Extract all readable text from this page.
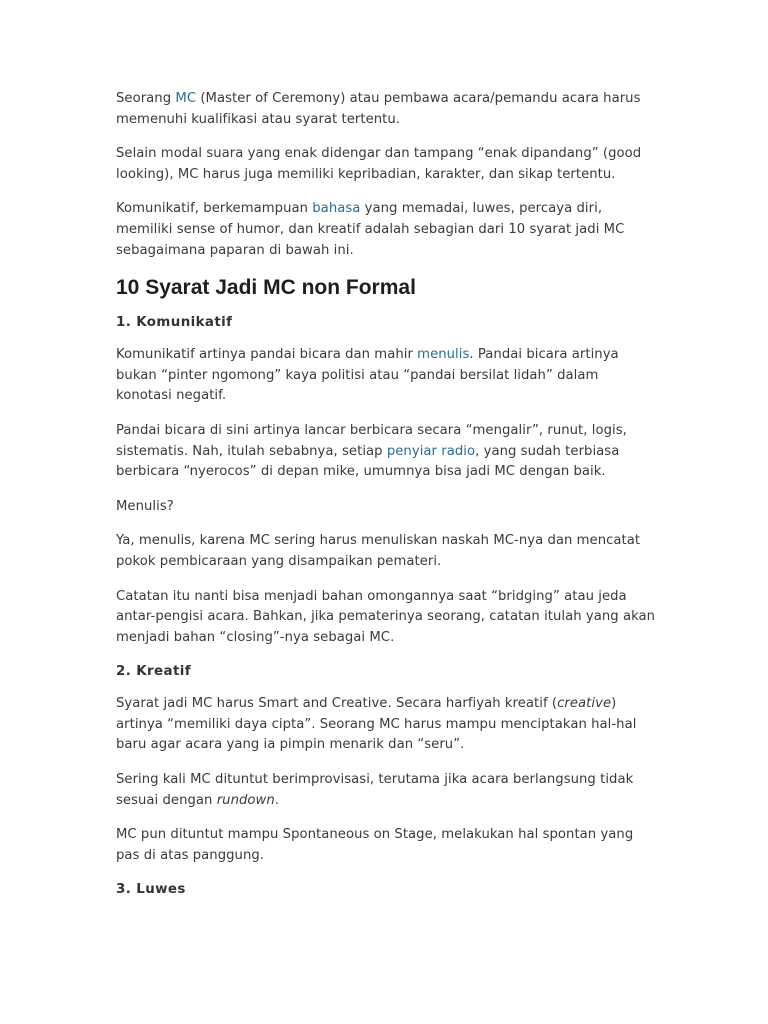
Seorang MC (Master of Ceremony) atau pembawa acara/pemandu acara harus memenuhi kualifikasi atau syarat tertentu.

Selain modal suara yang enak didengar dan tampang “enak dipandang” (good looking), MC harus juga memiliki kepribadian, karakter, dan sikap tertentu.

Komunikatif, berkemampuan bahasa yang memadai, luwes, percaya diri, memiliki sense of humor, dan kreatif adalah sebagian dari 10 syarat jadi MC sebagaimana paparan di bawah ini.

10 Syarat Jadi MC non Formal
1. Komunikatif

Komunikatif artinya pandai bicara dan mahir menulis. Pandai bicara artinya bukan “pinter ngomong” kaya politisi atau “pandai bersilat lidah” dalam konotasi negatif.

Pandai bicara di sini artinya lancar berbicara secara “mengalir”, runut, logis, sistematis. Nah, itulah sebabnya, setiap penyiar radio, yang sudah terbiasa berbicara “nyerocos” di depan mike, umumnya bisa jadi MC dengan baik.

Menulis?

Ya, menulis, karena MC sering harus menuliskan naskah MC-nya dan mencatat pokok pembicaraan yang disampaikan pemateri.

Catatan itu nanti bisa menjadi bahan omongannya saat “bridging” atau jeda antar-pengisi acara. Bahkan, jika pematerinya seorang, catatan itulah yang akan menjadi bahan “closing”-nya sebagai MC.

2. Kreatif

Syarat jadi MC harus Smart and Creative. Secara harfiyah kreatif (creative) artinya “memiliki daya cipta”. Seorang MC harus mampu menciptakan hal-hal baru agar acara yang ia pimpin menarik dan “seru”.

Sering kali MC dituntut berimprovisasi, terutama jika acara berlangsung tidak sesuai dengan rundown.

MC pun dituntut mampu Spontaneous on Stage, melakukan hal spontan yang pas di atas panggung.

3. Luwes
